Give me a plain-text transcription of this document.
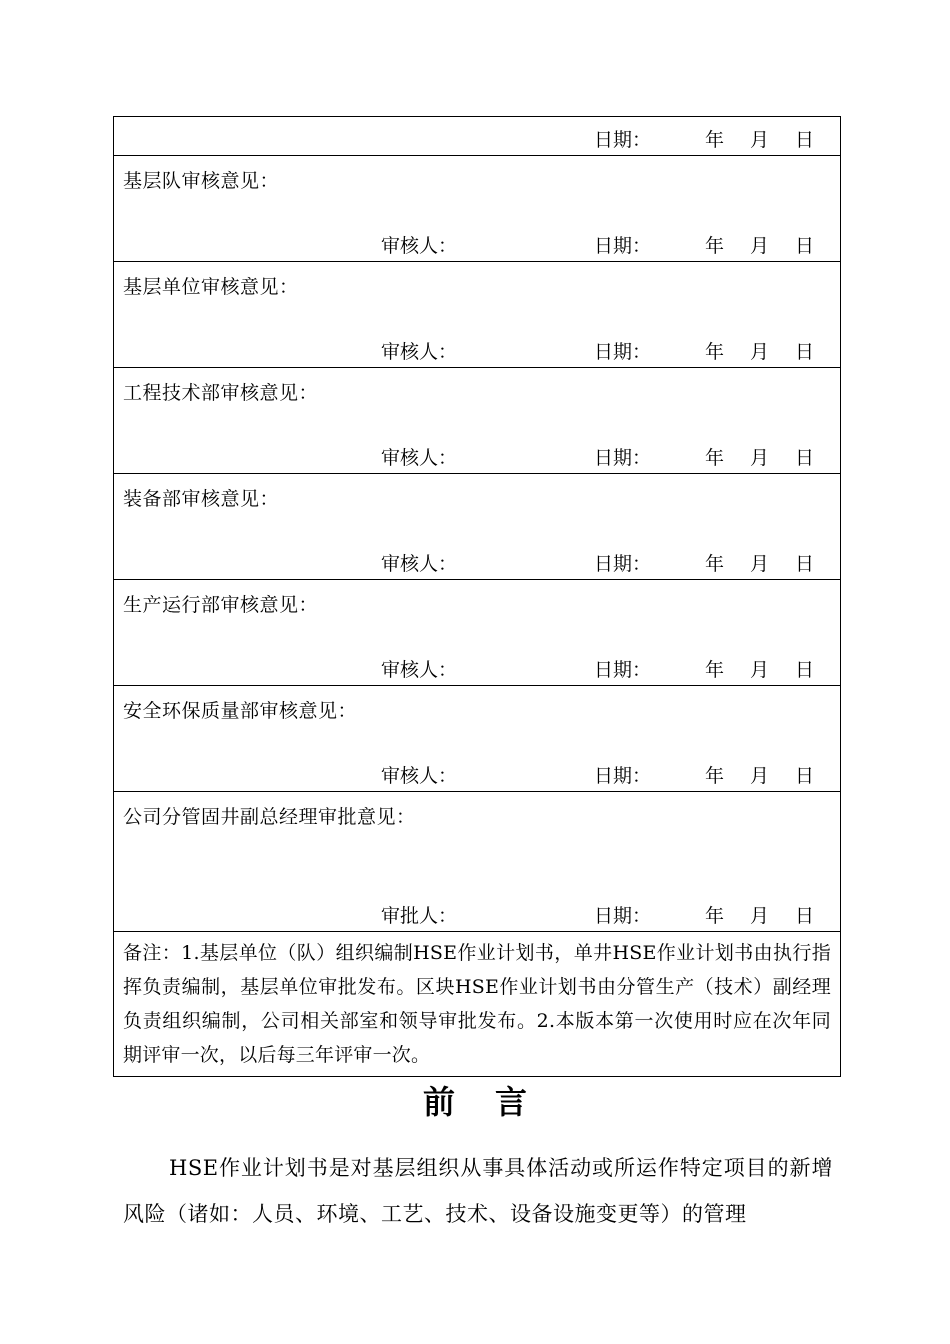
日期：	年 月 日
基层队审核意见：
审核人：	日期：	年 月 日
基层单位审核意见：
审核人：	日期：	年 月 日
工程技术部审核意见：
审核人：	日期：	年 月 日
装备部审核意见：
审核人：	日期：	年 月 日
生产运行部审核意见：
审核人：	日期：	年 月 日
安全环保质量部审核意见：
审核人：	日期：	年 月 日
公司分管固井副总经理审批意见：
审批人：	日期：	年 月 日
备注：1.基层单位（队）组织编制HSE作业计划书，单井HSE作业计划书由执行指挥负责编制，基层单位审批发布。区块HSE作业计划书由分管生产（技术）副经理负责组织编制，公司相关部室和领导审批发布。2.本版本第一次使用时应在次年同期评审一次，以后每三年评审一次。
前言
HSE作业计划书是对基层组织从事具体活动或所运作特定项目的新增风险（诸如：人员、环境、工艺、技术、设备设施变更等）的管理
